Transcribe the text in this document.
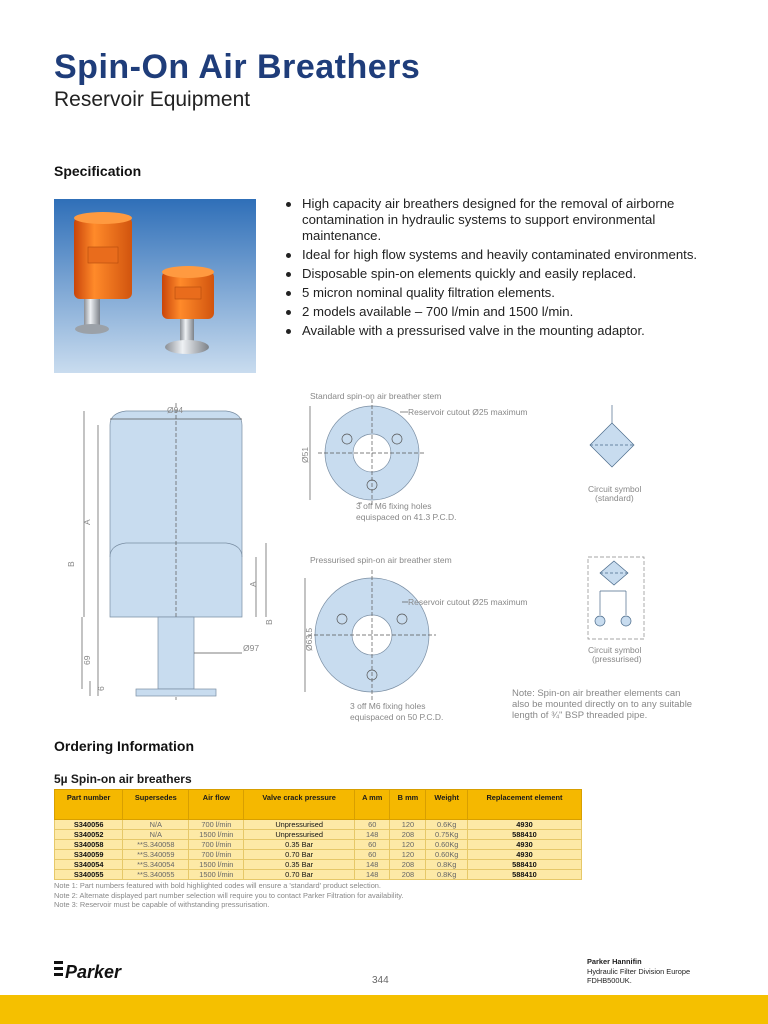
Spin-On Air Breathers
Reservoir Equipment
Specification
High capacity air breathers designed for the removal of airborne contamination in hydraulic systems to support environmental maintenance.
Ideal for high flow systems and heavily contaminated environments.
Disposable spin-on elements quickly and easily replaced.
5 micron nominal quality filtration elements.
2 models available – 700 l/min and 1500 l/min.
Available with a pressurised valve in the mounting adaptor.
Ø94
A
B
69
6
A
B
Ø97
Standard spin-on air breather stem
Reservoir cutout Ø25 maximum
Ø51
3 off M6 fixing holes
equispaced on 41.3 P.C.D.
Circuit symbol
(standard)
Pressurised spin-on air breather stem
Reservoir cutout Ø25 maximum
Ø63.5
3 off M6 fixing holes
equispaced on 50 P.C.D.
Circuit symbol
(pressurised)
Note: Spin-on air breather elements can
also be mounted directly on to any suitable
length of ¾" BSP threaded pipe.
Ordering Information
5µ Spin-on air breathers
Part number	Supersedes	Air flow	Valve crack pressure	A mm	B mm	Weight	Replacement element
S340056	N/A	700 l/min	Unpressurised	60	120	0.6Kg	4930
S340052	N/A	1500 l/min	Unpressurised	148	208	0.75Kg	588410
S340058	**S.340058	700 l/min	0.35 Bar	60	120	0.60Kg	4930
S340059	**S.340059	700 l/min	0.70 Bar	60	120	0.60Kg	4930
S340054	**S.340054	1500 l/min	0.35 Bar	148	208	0.8Kg	588410
S340055	**S.340055	1500 l/min	0.70 Bar	148	208	0.8Kg	588410
Note 1: Part numbers featured with bold highlighted codes will ensure a 'standard' product selection.
Note 2: Alternate displayed part number selection will require you to contact Parker Filtration for availability.
Note 3: Reservoir must be capable of withstanding pressurisation.
Parker	344
Parker Hannifin
Hydraulic Filter Division Europe
FDHB500UK.
